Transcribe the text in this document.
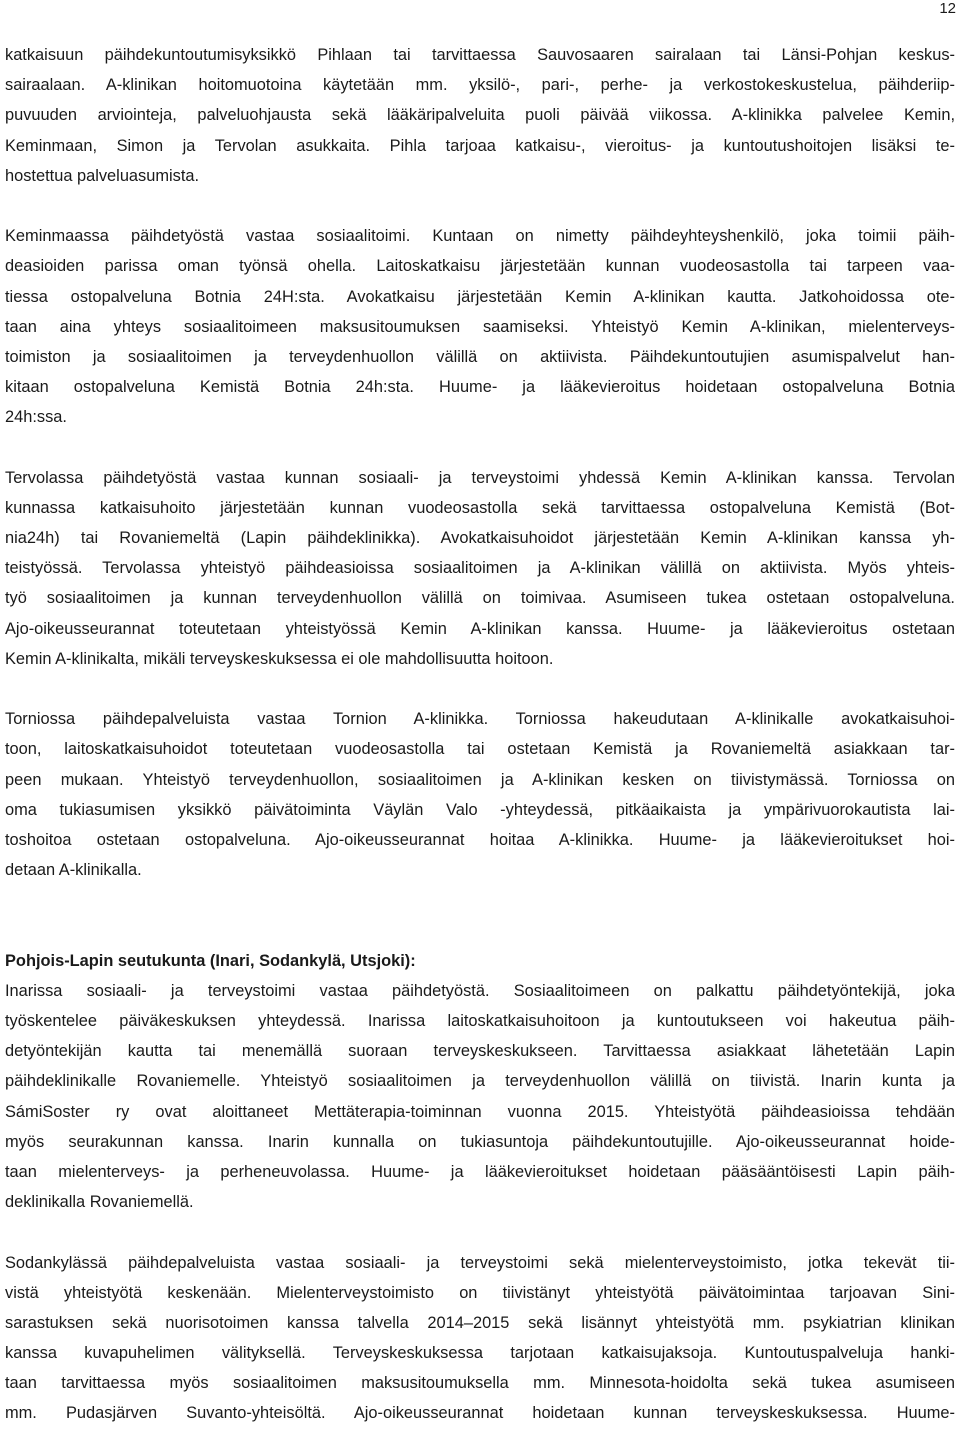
12
katkaisuun päihdekuntoutumisyksikkö Pihlaan tai tarvittaessa Sauvosaaren sairalaan tai Länsi-Pohjan keskus-
sairaalaan. A-klinikan hoitomuotoina käytetään mm. yksilö-, pari-, perhe- ja verkostokeskustelua, päihderiip-
puvuuden arviointeja, palveluohjausta sekä lääkäripalveluita puoli päivää viikossa. A-klinikka palvelee Kemin,
Keminmaan, Simon ja Tervolan asukkaita. Pihla tarjoaa katkaisu-, vieroitus- ja kuntoutushoitojen lisäksi te-
hostettua palveluasumista.
Keminmaassa päihdetyöstä vastaa sosiaalitoimi. Kuntaan on nimetty päihdeyhteyshenkilö, joka toimii päih-
deasioiden parissa oman työnsä ohella. Laitoskatkaisu järjestetään kunnan vuodeosastolla tai tarpeen vaa-
tiessa ostopalveluna Botnia 24H:sta. Avokatkaisu järjestetään Kemin A-klinikan kautta. Jatkohoidossa ote-
taan aina yhteys sosiaalitoimeen maksusitoumuksen saamiseksi. Yhteistyö Kemin A-klinikan, mielenterveys-
toimiston ja sosiaalitoimen ja terveydenhuollon välillä on aktiivista. Päihdekuntoutujien asumispalvelut han-
kitaan ostopalveluna Kemistä Botnia 24h:sta. Huume- ja lääkevieroitus hoidetaan ostopalveluna Botnia
24h:ssa.
Tervolassa päihdetyöstä vastaa kunnan sosiaali- ja terveystoimi yhdessä Kemin A-klinikan kanssa. Tervolan
kunnassa katkaisuhoito järjestetään kunnan vuodeosastolla sekä tarvittaessa ostopalveluna Kemistä (Bot-
nia24h) tai Rovaniemeltä (Lapin päihdeklinikka). Avokatkaisuhoidot järjestetään Kemin A-klinikan kanssa yh-
teistyössä. Tervolassa yhteistyö päihdeasioissa sosiaalitoimen ja A-klinikan välillä on aktiivista. Myös yhteis-
työ sosiaalitoimen ja kunnan terveydenhuollon välillä on toimivaa. Asumiseen tukea ostetaan ostopalveluna.
Ajo-oikeusseurannat toteutetaan yhteistyössä Kemin A-klinikan kanssa. Huume- ja lääkevieroitus ostetaan
Kemin A-klinikalta, mikäli terveyskeskuksessa ei ole mahdollisuutta hoitoon.
Torniossa päihdepalveluista vastaa Tornion A-klinikka. Torniossa hakeudutaan A-klinikalle avokatkaisuhoi-
toon, laitoskatkaisuhoidot toteutetaan vuodeosastolla tai ostetaan Kemistä ja Rovaniemeltä asiakkaan tar-
peen mukaan. Yhteistyö terveydenhuollon, sosiaalitoimen ja A-klinikan kesken on tiivistymässä. Torniossa on
oma tukiasumisen yksikkö päivätoiminta Väylän Valo -yhteydessä, pitkäaikaista ja ympärivuorokautista lai-
toshoitoa ostetaan ostopalveluna. Ajo-oikeusseurannat hoitaa A-klinikka. Huume- ja lääkevieroitukset hoi-
detaan A-klinikalla.
Pohjois-Lapin seutukunta (Inari, Sodankylä, Utsjoki):
Inarissa sosiaali- ja terveystoimi vastaa päihdetyöstä. Sosiaalitoimeen on palkattu päihdetyöntekijä, joka
työskentelee päiväkeskuksen yhteydessä. Inarissa laitoskatkaisuhoitoon ja kuntoutukseen voi hakeutua päih-
detyöntekijän kautta tai menemällä suoraan terveyskeskukseen. Tarvittaessa asiakkaat lähetetään Lapin
päihdeklinikalle Rovaniemelle. Yhteistyö sosiaalitoimen ja terveydenhuollon välillä on tiivistä. Inarin kunta ja
SámiSoster ry ovat aloittaneet Mettäterapia-toiminnan vuonna 2015. Yhteistyötä päihdeasioissa tehdään
myös seurakunnan kanssa. Inarin kunnalla on tukiasuntoja päihdekuntoutujille. Ajo-oikeusseurannat hoide-
taan mielenterveys- ja perheneuvolassa. Huume- ja lääkevieroitukset hoidetaan pääsääntöisesti Lapin päih-
deklinikalla Rovaniemellä.
Sodankylässä päihdepalveluista vastaa sosiaali- ja terveystoimi sekä mielenterveystoimisto, jotka tekevät tii-
vistä yhteistyötä keskenään. Mielenterveystoimisto on tiivistänyt yhteistyötä päivätoimintaa tarjoavan Sini-
sarastuksen sekä nuorisotoimen kanssa talvella 2014–2015 sekä lisännyt yhteistyötä mm. psykiatrian klinikan
kanssa kuvapuhelimen välityksellä. Terveyskeskuksessa tarjotaan katkaisujaksoja. Kuntoutuspalveluja hanki-
taan tarvittaessa myös sosiaalitoimen maksusitoumuksella mm. Minnesota-hoidolta sekä tukea asumiseen
mm. Pudasjärven Suvanto-yhteisöltä. Ajo-oikeusseurannat hoidetaan kunnan terveyskeskuksessa. Huume-
